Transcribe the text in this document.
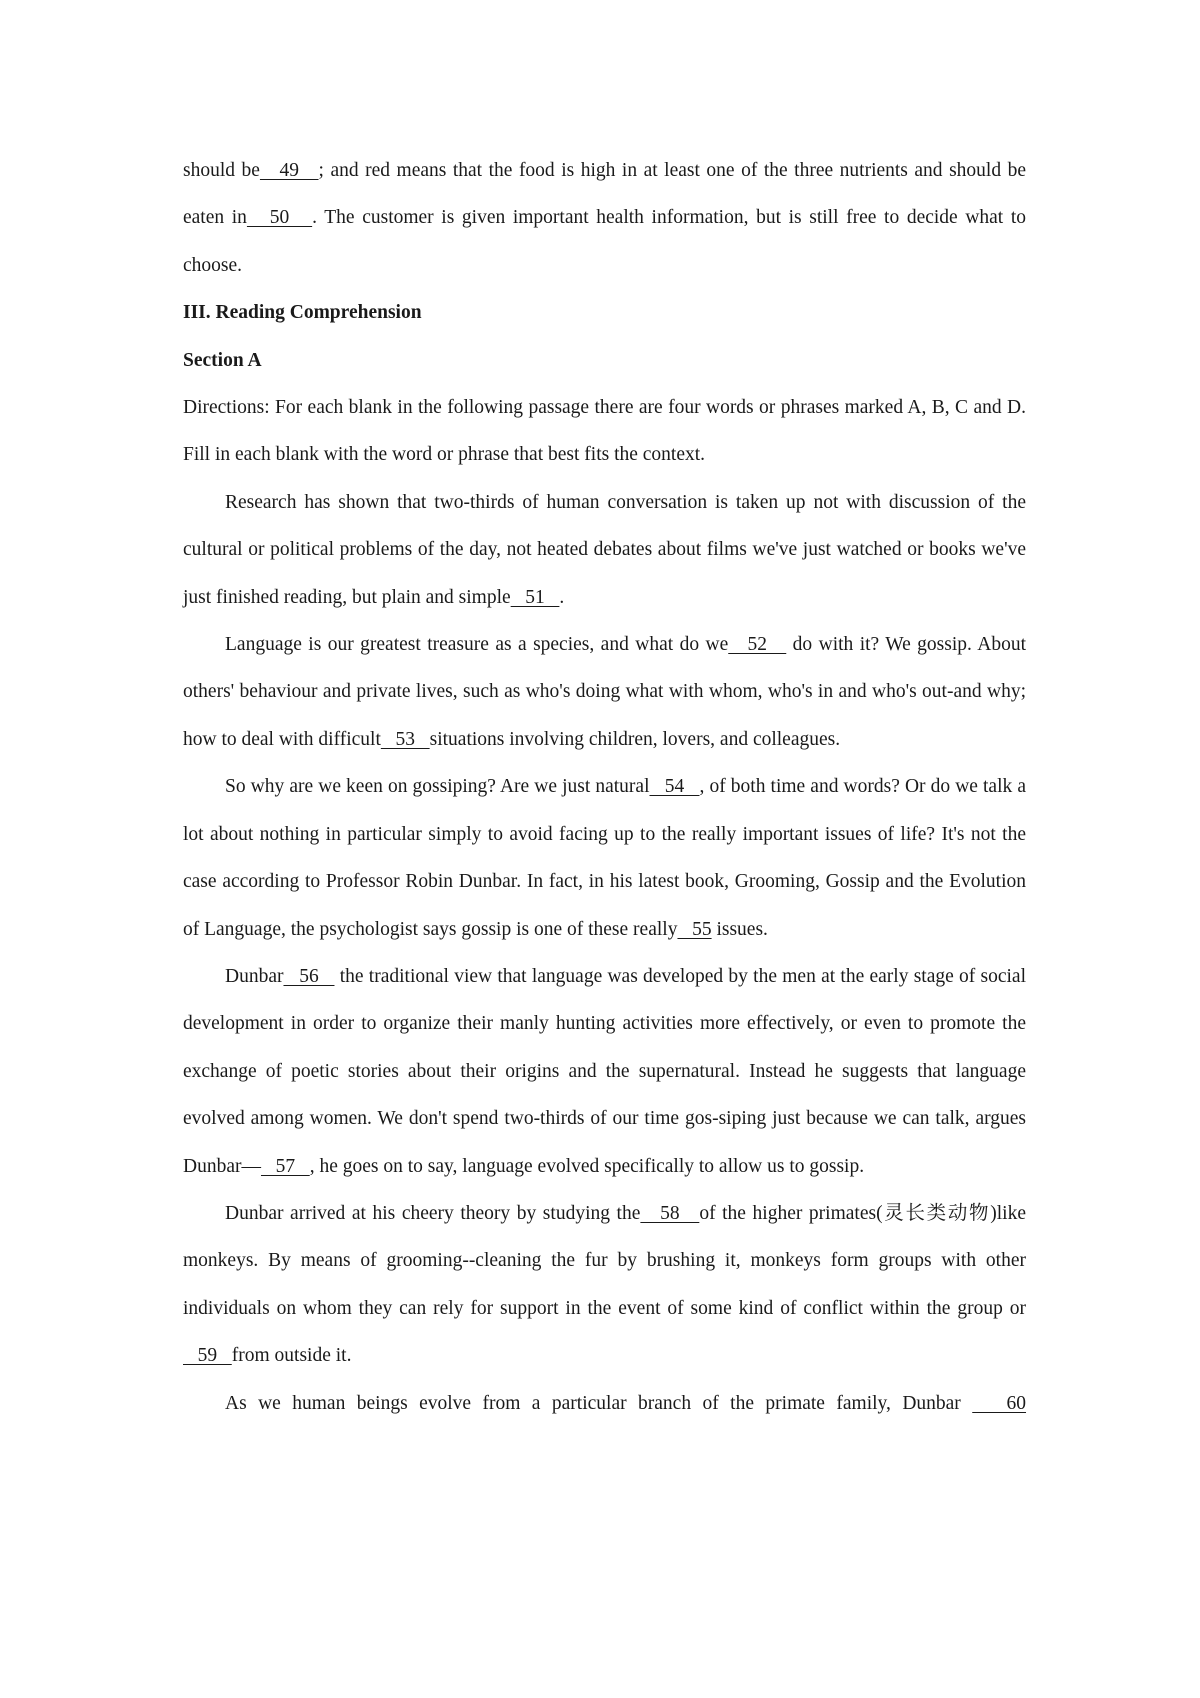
should be   49   ; and red means that the food is high in at least one of the three nutrients and should be eaten in   50   . The customer is given important health information, but is still free to decide what to choose.

III. Reading Comprehension

Section A

Directions: For each blank in the following passage there are four words or phrases marked A, B, C and D. Fill in each blank with the word or phrase that best fits the context.

Research has shown that two-thirds of human conversation is taken up not with discussion of the cultural or political problems of the day, not heated debates about films we've just watched or books we've just finished reading, but plain and simple   51   .

Language is our greatest treasure as a species, and what do we   52    do with it? We gossip. About others' behaviour and private lives, such as who's doing what with whom, who's in and who's out-and why; how to deal with difficult   53   situations involving children, lovers, and colleagues.

So why are we keen on gossiping? Are we just natural   54   , of both time and words? Or do we talk a lot about nothing in particular simply to avoid facing up to the really important issues of life? It's not the case according to Professor Robin Dunbar. In fact, in his latest book, Grooming, Gossip and the Evolution of Language, the psychologist says gossip is one of these really   55 issues.

Dunbar   56    the traditional view that language was developed by the men at the early stage of social development in order to organize their manly hunting activities more effectively, or even to promote the exchange of poetic stories about their origins and the supernatural. Instead he suggests that language evolved among women. We don't spend two-thirds of our time gos-siping just because we can talk, argues Dunbar—   57   , he goes on to say, language evolved specifically to allow us to gossip.

Dunbar arrived at his cheery theory by studying the   58   of the higher primates(灵长类动物)like monkeys. By means of grooming--cleaning the fur by brushing it, monkeys form groups with other individuals on whom they can rely for support in the event of some kind of conflict within the group or   59   from outside it.

As we human beings evolve from a particular branch of the primate family, Dunbar    60
